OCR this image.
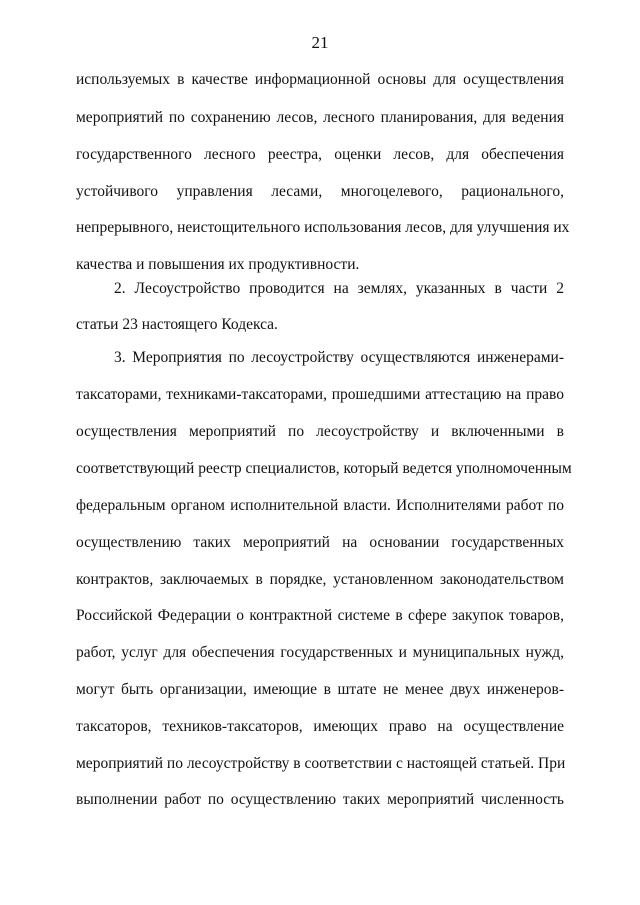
21
используемых в качестве информационной основы для осуществления
мероприятий по сохранению лесов, лесного планирования, для ведения
государственного лесного реестра, оценки лесов, для обеспечения
устойчивого управления лесами, многоцелевого, рационального,
непрерывного, неистощительного использования лесов, для улучшения их
качества и повышения их продуктивности.
2. Лесоустройство проводится на землях, указанных в части 2
статьи 23 настоящего Кодекса.
3. Мероприятия по лесоустройству осуществляются инженерами-
таксаторами, техниками-таксаторами, прошедшими аттестацию на право
осуществления мероприятий по лесоустройству и включенными в
соответствующий реестр специалистов, который ведется уполномоченным
федеральным органом исполнительной власти. Исполнителями работ по
осуществлению таких мероприятий на основании государственных
контрактов, заключаемых в порядке, установленном законодательством
Российской Федерации о контрактной системе в сфере закупок товаров,
работ, услуг для обеспечения государственных и муниципальных нужд,
могут быть организации, имеющие в штате не менее двух инженеров-
таксаторов, техников-таксаторов, имеющих право на осуществление
мероприятий по лесоустройству в соответствии с настоящей статьей. При
выполнении работ по осуществлению таких мероприятий численность
